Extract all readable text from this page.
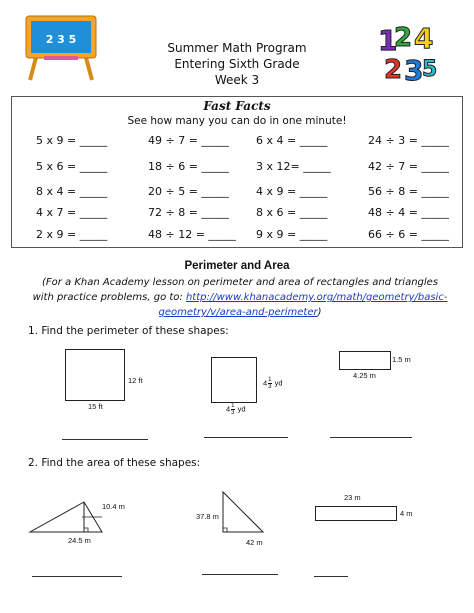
2 3 5	1
2 4
2 3
5
Summer Math Program
Entering Sixth Grade
Week 3
Fast Facts
See how many you can do in one minute!
5 x 9 = _____	49 ÷ 7 = _____ 6 x 4 = _____	24 ÷ 3 = _____
5 x 6 = _____	18 ÷ 6 = _____ 3 x 12= _____	42 ÷ 7 = _____
8 x 4 = _____	20 ÷ 5 = _____ 4 x 9 = _____	56 ÷ 8 = _____
4 x 7 = _____	72 ÷ 8 = _____ 8 x 6 = _____	48 ÷ 4 = _____
2 x 9 = _____	48 ÷ 12 = _____ 9 x 9 = _____	66 ÷ 6 = _____
Perimeter and Area
(For a Khan Academy lesson on perimeter and area of rectangles and triangles with practice problems, go to: http://www.khanacademy.org/math/geometry/basic-geometry/v/area-and-perimeter)
1. Find the perimeter of these shapes:
12 ft
15 ft
$4 \frac{1}{3}$ yd
$4 \frac{1}{3}$ yd
1.5 m
4.25 m
2. Find the area of these shapes:
10.4 m
24.5 m
37.8 m
42 m
23 m
4 m
